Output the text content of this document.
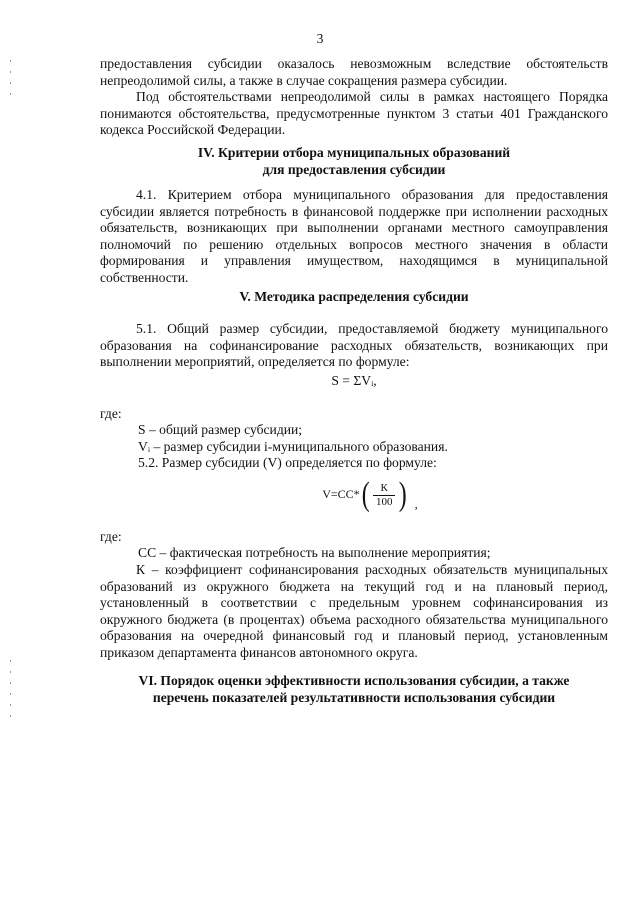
3

предоставления субсидии оказалось невозможным вследствие обстоятельств непреодолимой силы, а также в случае сокращения размера субсидии.

Под обстоятельствами непреодолимой силы в рамках настоящего Порядка понимаются обстоятельства, предусмотренные пунктом 3 статьи 401 Гражданского кодекса Российской Федерации.

IV. Критерии отбора муниципальных образований
для предоставления субсидии

4.1. Критерием отбора муниципального образования для предоставления субсидии является потребность в финансовой поддержке при исполнении расходных обязательств, возникающих при выполнении органами местного самоуправления полномочий по решению отдельных вопросов местного значения в области формирования и управления имуществом, находящимся в муниципальной собственности.

V. Методика распределения субсидии

5.1. Общий размер субсидии, предоставляемой бюджету муниципального образования на софинансирование расходных обязательств, возникающих при выполнении мероприятий, определяется по формуле:

S = ΣVᵢ,
где:
S – общий размер субсидии;
Vᵢ – размер субсидии i-муниципального образования.
5.2. Размер субсидии (V) определяется по формуле:
$V=CC*( \frac{К}{100}$ ) ,
где:
СС – фактическая потребность на выполнение мероприятия;

К – коэффициент софинансирования расходных обязательств муниципальных образований из окружного бюджета на текущий год и на плановый период, установленный в соответствии с предельным уровнем софинансирования из окружного бюджета (в процентах) объема расходного обязательства муниципального образования на очередной финансовый год и плановый период, установленным приказом департамента финансов автономного округа.

VI. Порядок оценки эффективности использования субсидии, а также
перечень показателей результативности использования субсидии
